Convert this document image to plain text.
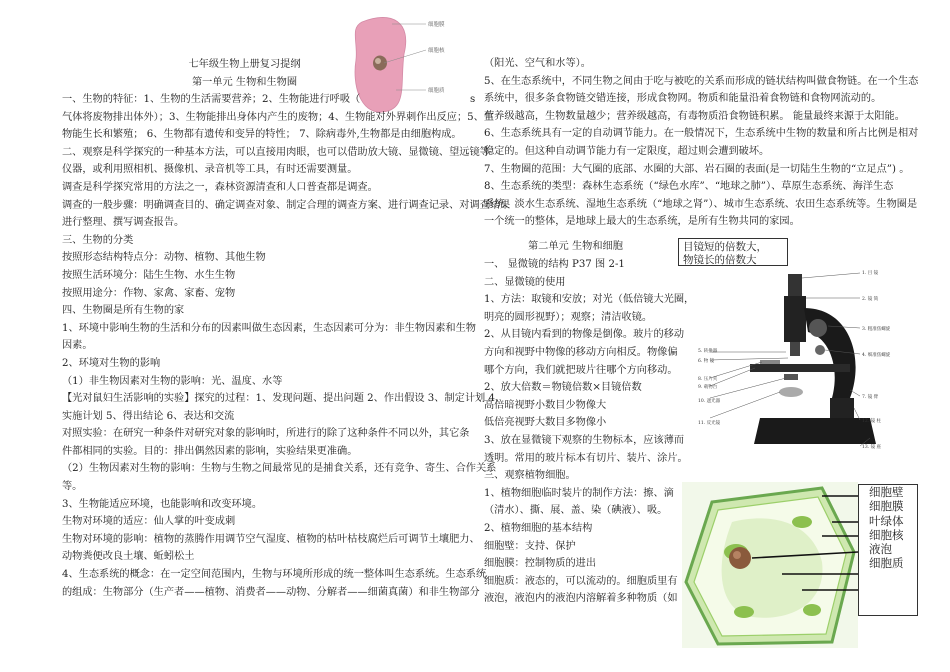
细胞膜
细胞核
细胞质
七年级生物上册复习提纲
第一单元 生物和生物圈
一、生物的特征：1、生物的生活需要营养；2、生物能进行呼吸（
气体将废物排出体外）；3、生物能排出身体内产生的废物；4、生物能对外界刺作出反应；5、生
物能生长和繁殖； 6、生物都有遗传和变异的特性； 7、除病毒外,生物都是由细胞构成。
二、观察是科学探究的一种基本方法，可以直接用肉眼，也可以借助放大镜、显微镜、望远镜等
仪器，或利用照相机、摄像机、录音机等工具，有时还需要测量。
调查是科学探究常用的方法之一，森林资源清查和人口普查都是调查。
调查的一般步骤：明确调查目的、确定调查对象、制定合理的调查方案、进行调查记录、对调查结果
进行整理、撰写调查报告。
三、生物的分类
按照形态结构特点分：动物、植物、其他生物
按照生活环境分：陆生生物、水生生物
按照用途分：作物、家禽、家畜、宠物
四、生物圈是所有生物的家
1、环境中影响生物的生活和分布的因素叫做生态因素，生态因素可分为：非生物因素和生物
因素。
2、环境对生物的影响
（1）非生物因素对生物的影响：光、温度、水等
【光对鼠妇生活影响的实验】探究的过程：1、发现问题、提出问题 2、作出假设 3、制定计划 4、
实施计划 5、得出结论 6、表达和交流
对照实验：在研究一种条件对研究对象的影响时，所进行的除了这种条件不同以外，其它条
件都相同的实验。目的：排出偶然因素的影响，实验结果更准确。
（2）生物因素对生物的影响：生物与生物之间最常见的是捕食关系，还有竞争、寄生、合作关系
等。
3、生物能适应环境，也能影响和改变环境。
生物对环境的适应：仙人掌的叶变成刺
生物对环境的影响：植物的蒸腾作用调节空气湿度、植物的枯叶枯枝腐烂后可调节土壤肥力、
动物粪便改良土壤、蚯蚓松土
4、生态系统的概念：在一定空间范围内，生物与环境所形成的统一整体叫生态系统。生态系统
的组成：生物部分（生产者——植物、消费者——动物、分解者——细菌真菌）和非生物部分
s
（阳光、空气和水等）。
5、在生态系统中，不同生物之间由于吃与被吃的关系而形成的链状结构叫做食物链。在一个生态
系统中，很多条食物链交错连接，形成食物网。物质和能量沿着食物链和食物网流动的。
营养级越高，生物数量越少；营养级越高，有毒物质沿食物链积累。 能量最终来源于太阳能。
6、生态系统具有一定的自动调节能力。在一般情况下，生态系统中生物的数量和所占比例是相对
稳定的。但这种自动调节能力有一定限度，超过则会遭到破坏。
7、生物圈的范围：大气圈的底部、水圈的大部、岩石圈的表面(是一切陆生生物的“立足点”) 。
8、生态系统的类型：森林生态系统（“绿色水库”、“地球之肺”）、草原生态系统、海洋生态
系统、淡水生态系统、湿地生态系统（“地球之肾”）、城市生态系统、农田生态系统等。生物圈是
一个统一的整体，是地球上最大的生态系统，是所有生物共同的家园。
第二单元 生物和细胞	目镜短的倍数大，
物镜长的倍数大
一、 显微镜的结构 P37 图 2-1
二、显微镜的使用
1、方法：取镜和安放；对光（低倍镜大光圈，
明亮的圆形视野）；观察；清洁收镜。
2、从目镜内看到的物像是倒像。玻片的移动
方向和视野中物像的移动方向相反。物像偏
哪个方向，我们就把玻片往哪个方向移动。
2、放大倍数＝物镜倍数×目镜倍数
高倍暗视野小数目少物像大
低倍亮视野大数目多物像小
3、放在显微镜下观察的生物标本，应该薄而
透明。常用的玻片标本有切片、装片、涂片。
三、观察植物细胞。
1、植物细胞临时装片的制作方法：擦、滴
（清水）、撕、展、盖、染（碘液）、吸。
2、植物细胞的基本结构
细胞壁：支持、保护
细胞膜：控制物质的进出
细胞质：液态的，可以流动的。细胞质里有
液泡，液泡内的液泡内溶解着多种物质（如
1. 目 镜
2. 镜 筒
3. 粗准焦螺旋
4. 细准焦螺旋
7. 镜 臂
12. 镜 柱
13. 镜 座
5. 转换器
6. 物 镜
8. 压片夹
9. 载物台
10. 遮光器
11. 反光镜
细胞壁
细胞膜
叶绿体
细胞核
液泡
细胞质
